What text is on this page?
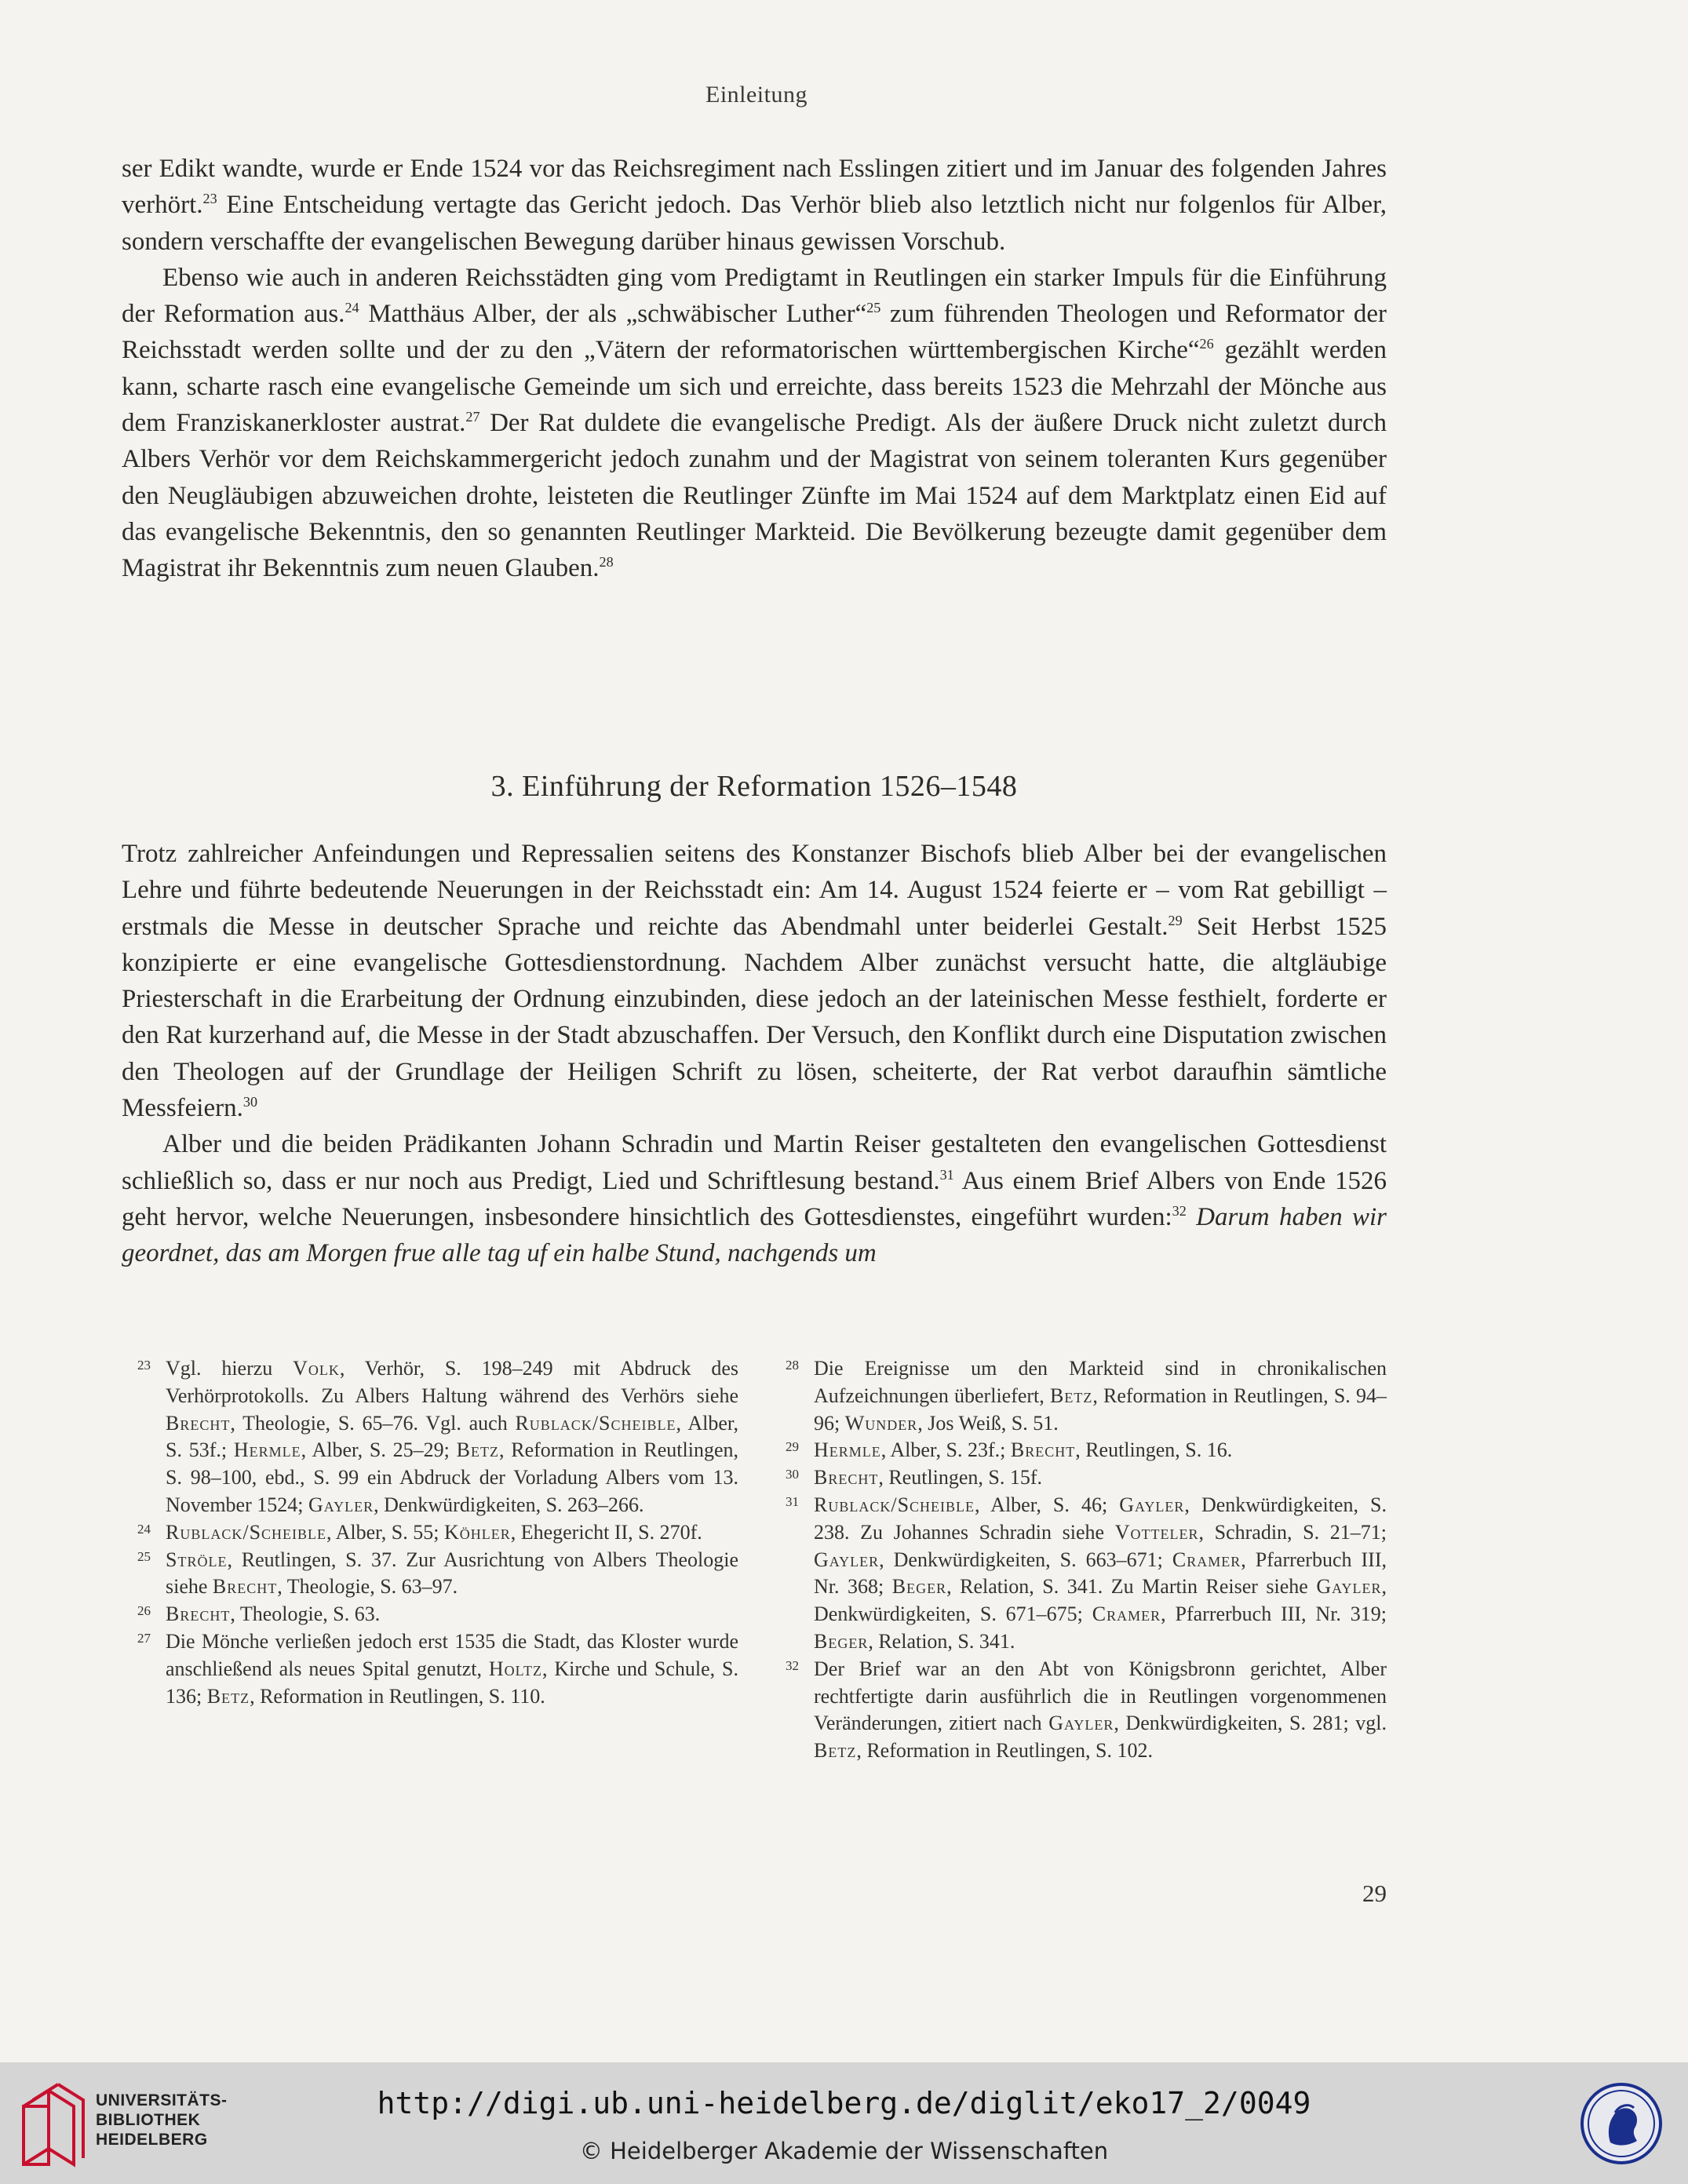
Einleitung

ser Edikt wandte, wurde er Ende 1524 vor das Reichsregiment nach Esslingen zitiert und im Januar des folgenden Jahres verhört.$^{23}$ Eine Entscheidung vertagte das Gericht jedoch. Das Verhör blieb also letztlich nicht nur folgenlos für Alber, sondern verschaffte der evangelischen Bewegung darüber hinaus gewissen Vorschub.

Ebenso wie auch in anderen Reichsstädten ging vom Predigtamt in Reutlingen ein starker Impuls für die Einführung der Reformation aus.$^{24}$ Matthäus Alber, der als „schwäbischer Luther“$^{25}$ zum führenden Theologen und Reformator der Reichsstadt werden sollte und der zu den „Vätern der reformatorischen württembergischen Kirche“$^{26}$ gezählt werden kann, scharte rasch eine evangelische Gemeinde um sich und erreichte, dass bereits 1523 die Mehrzahl der Mönche aus dem Franziskanerkloster austrat.$^{27}$ Der Rat duldete die evangelische Predigt. Als der äußere Druck nicht zuletzt durch Albers Verhör vor dem Reichskammergericht jedoch zunahm und der Magistrat von seinem toleranten Kurs gegenüber den Neugläubigen abzuweichen drohte, leisteten die Reutlinger Zünfte im Mai 1524 auf dem Marktplatz einen Eid auf das evangelische Bekenntnis, den so genannten Reutlinger Markteid. Die Bevölkerung bezeugte damit gegenüber dem Magistrat ihr Bekenntnis zum neuen Glauben.$^{28}$

3. Einführung der Reformation 1526–1548

Trotz zahlreicher Anfeindungen und Repressalien seitens des Konstanzer Bischofs blieb Alber bei der evangelischen Lehre und führte bedeutende Neuerungen in der Reichsstadt ein: Am 14. August 1524 feierte er – vom Rat gebilligt – erstmals die Messe in deutscher Sprache und reichte das Abendmahl unter beiderlei Gestalt.$^{29}$ Seit Herbst 1525 konzipierte er eine evangelische Gottesdienstordnung. Nachdem Alber zunächst versucht hatte, die altgläubige Priesterschaft in die Erarbeitung der Ordnung einzubinden, diese jedoch an der lateinischen Messe festhielt, forderte er den Rat kurzerhand auf, die Messe in der Stadt abzuschaffen. Der Versuch, den Konflikt durch eine Disputation zwischen den Theologen auf der Grundlage der Heiligen Schrift zu lösen, scheiterte, der Rat verbot daraufhin sämtliche Messfeiern.$^{30}$

Alber und die beiden Prädikanten Johann Schradin und Martin Reiser gestalteten den evangelischen Gottesdienst schließlich so, dass er nur noch aus Predigt, Lied und Schriftlesung bestand.$^{31}$ Aus einem Brief Albers von Ende 1526 geht hervor, welche Neuerungen, insbesondere hinsichtlich des Gottesdienstes, eingeführt wurden:$^{32}$ Darum haben wir geordnet, das am Morgen frue alle tag uf ein halbe Stund, nachgends um

23 Vgl. hierzu Volk, Verhör, S. 198–249 mit Abdruck des Verhörprotokolls. Zu Albers Haltung während des Verhörs siehe Brecht, Theologie, S. 65–76. Vgl. auch Rublack/Scheible, Alber, S. 53f.; Hermle, Alber, S. 25–29; Betz, Reformation in Reutlingen, S. 98–100, ebd., S. 99 ein Abdruck der Vorladung Albers vom 13. November 1524; Gayler, Denkwürdigkeiten, S. 263–266.
24 Rublack/Scheible, Alber, S. 55; Köhler, Ehegericht II, S. 270f.
25 Ströle, Reutlingen, S. 37. Zur Ausrichtung von Albers Theologie siehe Brecht, Theologie, S. 63–97.
26 Brecht, Theologie, S. 63.
27 Die Mönche verließen jedoch erst 1535 die Stadt, das Kloster wurde anschließend als neues Spital genutzt, Holtz, Kirche und Schule, S. 136; Betz, Reformation in Reutlingen, S. 110.
28 Die Ereignisse um den Markteid sind in chronikalischen Aufzeichnungen überliefert, Betz, Reformation in Reutlingen, S. 94–96; Wunder, Jos Weiß, S. 51.
29 Hermle, Alber, S. 23f.; Brecht, Reutlingen, S. 16.
30 Brecht, Reutlingen, S. 15f.
31 Rublack/Scheible, Alber, S. 46; Gayler, Denkwürdigkeiten, S. 238. Zu Johannes Schradin siehe Votteler, Schradin, S. 21–71; Gayler, Denkwürdigkeiten, S. 663–671; Cramer, Pfarrerbuch III, Nr. 368; Beger, Relation, S. 341. Zu Martin Reiser siehe Gayler, Denkwürdigkeiten, S. 671–675; Cramer, Pfarrerbuch III, Nr. 319; Beger, Relation, S. 341.
32 Der Brief war an den Abt von Königsbronn gerichtet, Alber rechtfertigte darin ausführlich die in Reutlingen vorgenommenen Veränderungen, zitiert nach Gayler, Denkwürdigkeiten, S. 281; vgl. Betz, Reformation in Reutlingen, S. 102.
29
UNIVERSITÄTS-
BIBLIOTHEK
HEIDELBERG
http://digi.ub.uni-heidelberg.de/diglit/eko17_2/0049
© Heidelberger Akademie der Wissenschaften
